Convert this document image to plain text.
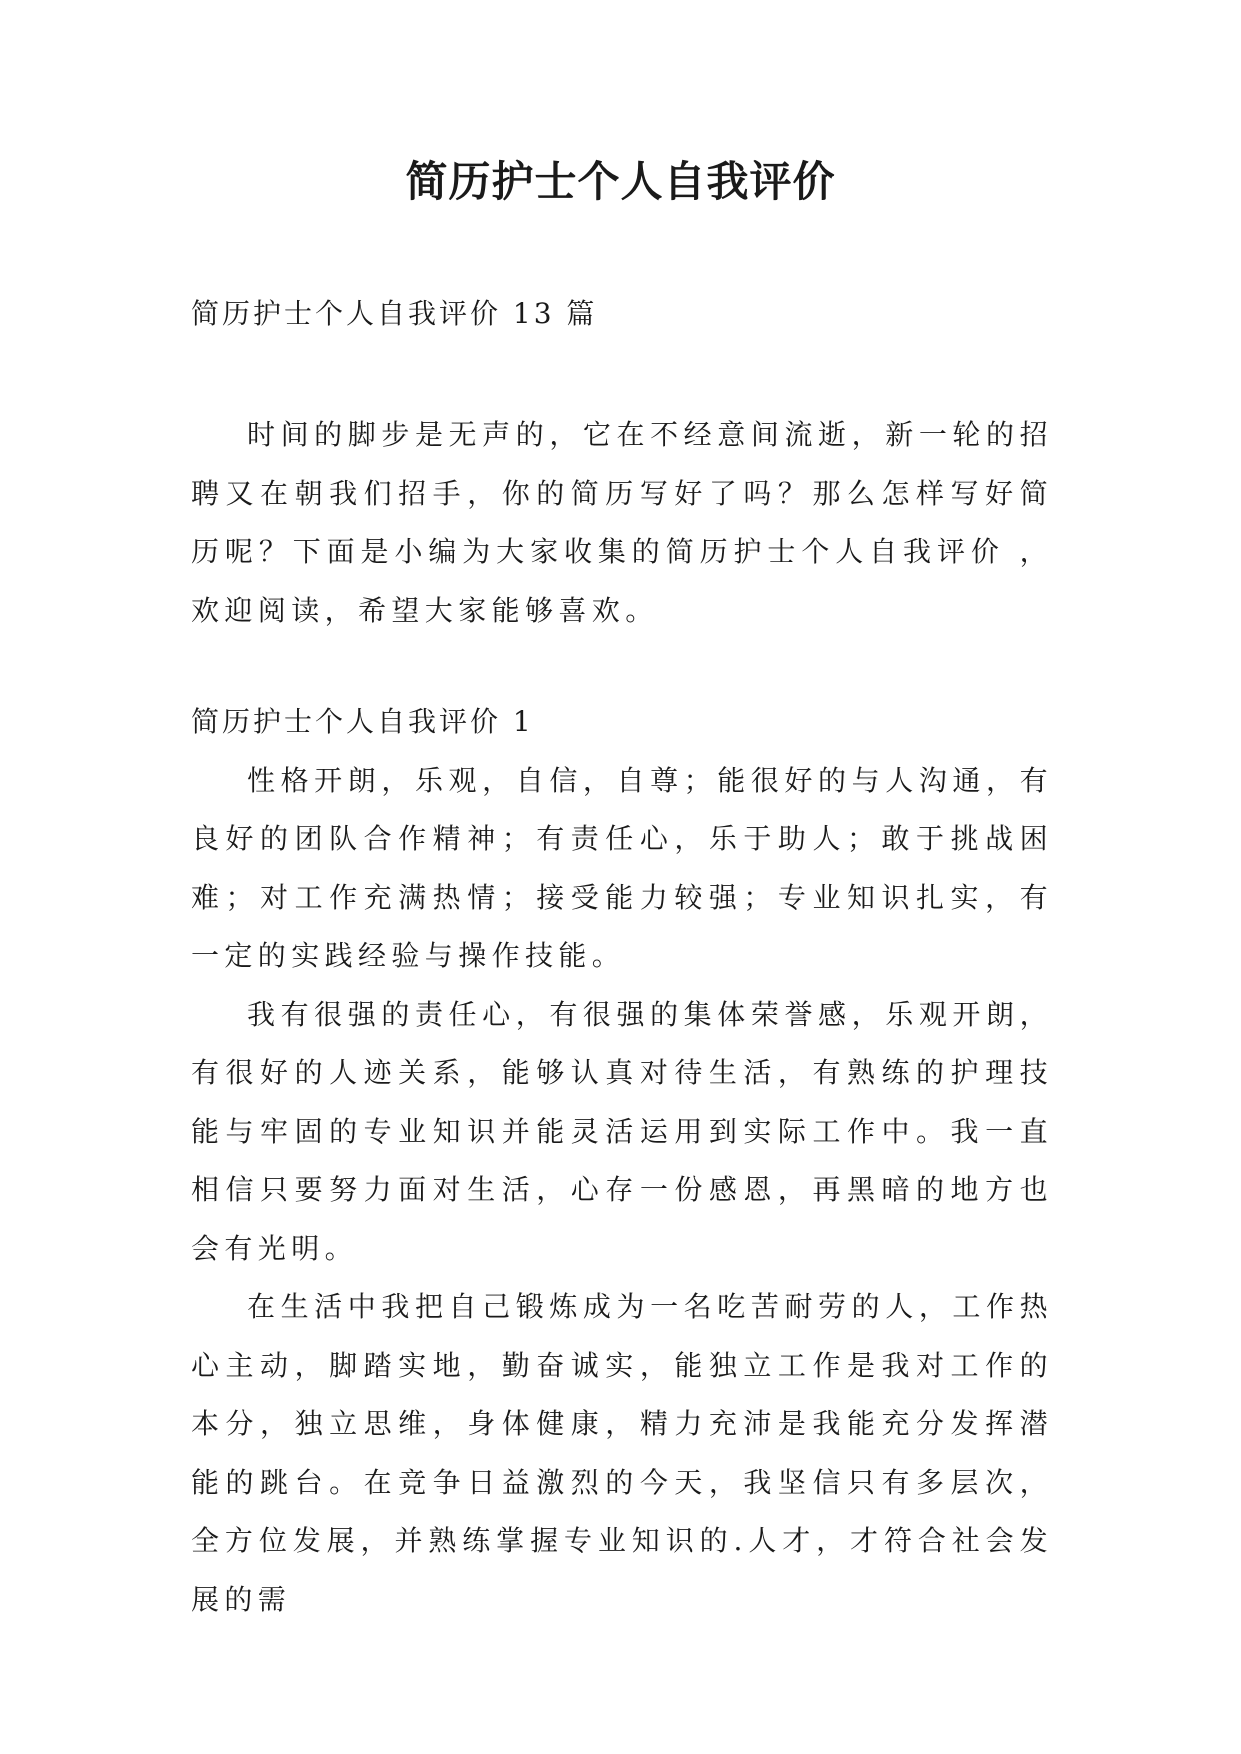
简历护士个人自我评价

简历护士个人自我评价 13 篇

时间的脚步是无声的，它在不经意间流逝，新一轮的招聘又在朝我们招手，你的简历写好了吗？那么怎样写好简历呢？下面是小编为大家收集的简历护士个人自我评价 ，欢迎阅读，希望大家能够喜欢。

简历护士个人自我评价 1

性格开朗，乐观，自信，自尊；能很好的与人沟通，有良好的团队合作精神；有责任心，乐于助人；敢于挑战困难；对工作充满热情；接受能力较强；专业知识扎实，有一定的实践经验与操作技能。

我有很强的责任心，有很强的集体荣誉感，乐观开朗，有很好的人迹关系，能够认真对待生活，有熟练的护理技能与牢固的专业知识并能灵活运用到实际工作中。我一直相信只要努力面对生活，心存一份感恩，再黑暗的地方也会有光明。

在生活中我把自己锻炼成为一名吃苦耐劳的人，工作热心主动，脚踏实地，勤奋诚实，能独立工作是我对工作的本分，独立思维，身体健康，精力充沛是我能充分发挥潜能的跳台。在竞争日益激烈的今天，我坚信只有多层次，全方位发展，并熟练掌握专业知识的.人才，才符合社会发展的需
